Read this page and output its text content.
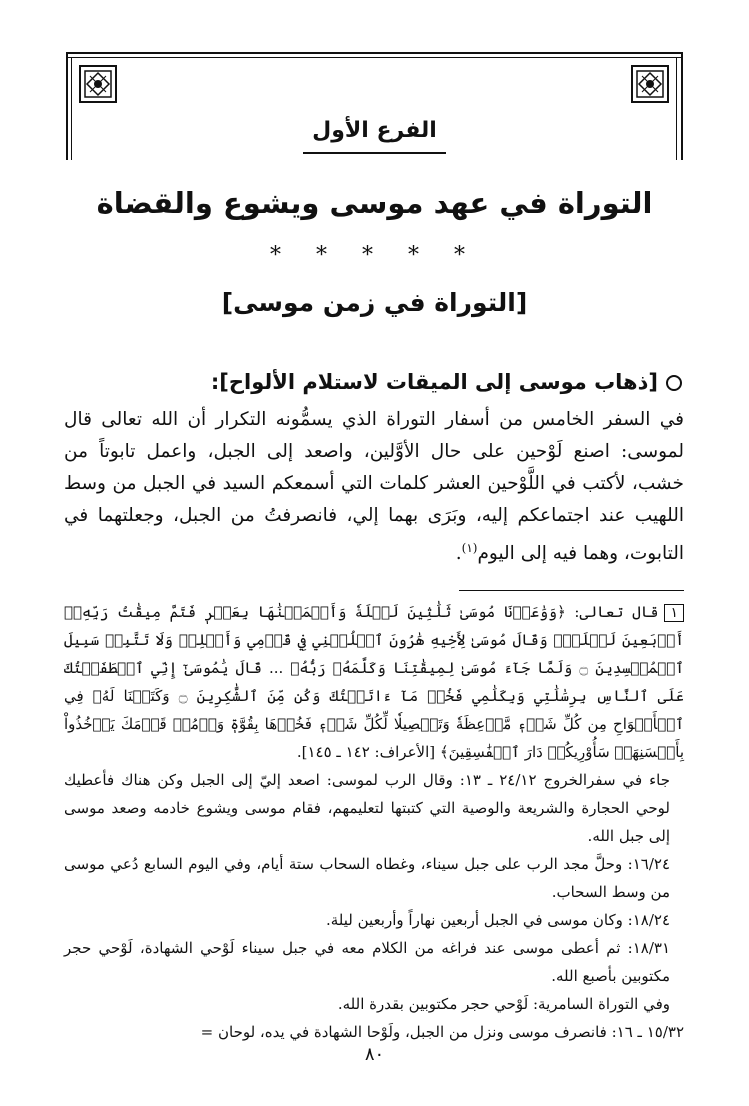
الفرع الأول
التوراة في عهد موسى ويشوع والقضاة
* * * * *
[التوراة في زمن موسى]
[ذهاب موسى إلى الميقات لاستلام الألواح]:
في السفر الخامس من أسفار التوراة الذي يسمُّونه التكرار أن الله تعالى قال لموسى: اصنع لَوْحين على حال الأوَّلين، واصعد إلى الجبل، واعمل تابوتاً من خشب، لأكتب في اللَّوْحين العشر كلمات التي أسمعكم السيد في الجبل من وسط اللهيب عند اجتماعكم إليه، وبَرَى بهما إلي، فانصرفتُ من الجبل، وجعلتهما في التابوت، وهما فيه إلى اليوم$^{(١)}$.

١قال تعالى: ﴿وَوَٰعَدۡنَا مُوسَىٰ ثَلَٰثِينَ لَيۡلَةٗ وَأَتۡمَمۡنَٰهَا بِعَشۡرٖ فَتَمَّ مِيقَٰتُ رَبِّهِۦٓ أَرۡبَعِينَ لَيۡلَةٗۚ وَقَالَ مُوسَىٰ لِأَخِيهِ هَٰرُونَ ٱخۡلُفۡنِي فِي قَوۡمِي وَأَصۡلِحۡ وَلَا تَتَّبِعۡ سَبِيلَ ٱلۡمُفۡسِدِينَ ۝ وَلَمَّا جَآءَ مُوسَىٰ لِمِيقَٰتِنَا وَكَلَّمَهُۥ رَبُّهُۥ ... قَالَ يَٰمُوسَىٰٓ إِنِّي ٱصۡطَفَيۡتُكَ عَلَى ٱلنَّاسِ بِرِسَٰلَٰتِي وَبِكَلَٰمِي فَخُذۡ مَآ ءَاتَيۡتُكَ وَكُن مِّنَ ٱلشَّٰكِرِينَ ۝ وَكَتَبۡنَا لَهُۥ فِي ٱلۡأَلۡوَاحِ مِن كُلِّ شَيۡءٖ مَّوۡعِظَةٗ وَتَفۡصِيلٗا لِّكُلِّ شَيۡءٖ فَخُذۡهَا بِقُوَّةٖ وَأۡمُرۡ قَوۡمَكَ يَأۡخُذُواْ بِأَحۡسَنِهَاۚ سَأُوْرِيكُمۡ دَارَ ٱلۡفَٰسِقِينَ﴾ [الأعراف: ١٤٢ ـ ١٤٥].

جاء في سفرالخروج ٢٤/١٢ ـ ١٣: وقال الرب لموسى: اصعد إليّ إلى الجبل وكن هناك فأعطيك لوحي الحجارة والشريعة والوصية التي كتبتها لتعليمهم، فقام موسى ويشوع خادمه وصعد موسى إلى جبل الله.

١٦/٢٤: وحلَّ مجد الرب على جبل سيناء، وغطاه السحاب ستة أيام، وفي اليوم السابع دُعي موسى من وسط السحاب.

١٨/٢٤: وكان موسى في الجبل أربعين نهاراً وأربعين ليلة.

١٨/٣١: ثم أعطى موسى عند فراغه من الكلام معه في جبل سيناء لَوْحي الشهادة، لَوْحي حجر مكتوبين بأصبع الله.

وفي التوراة السامرية: لَوْحي حجر مكتوبين بقدرة الله.

١٥/٣٢ ـ ١٦: فانصرف موسى ونزل من الجبل، ولَوْحا الشهادة في يده، لوحان =

٨٠
